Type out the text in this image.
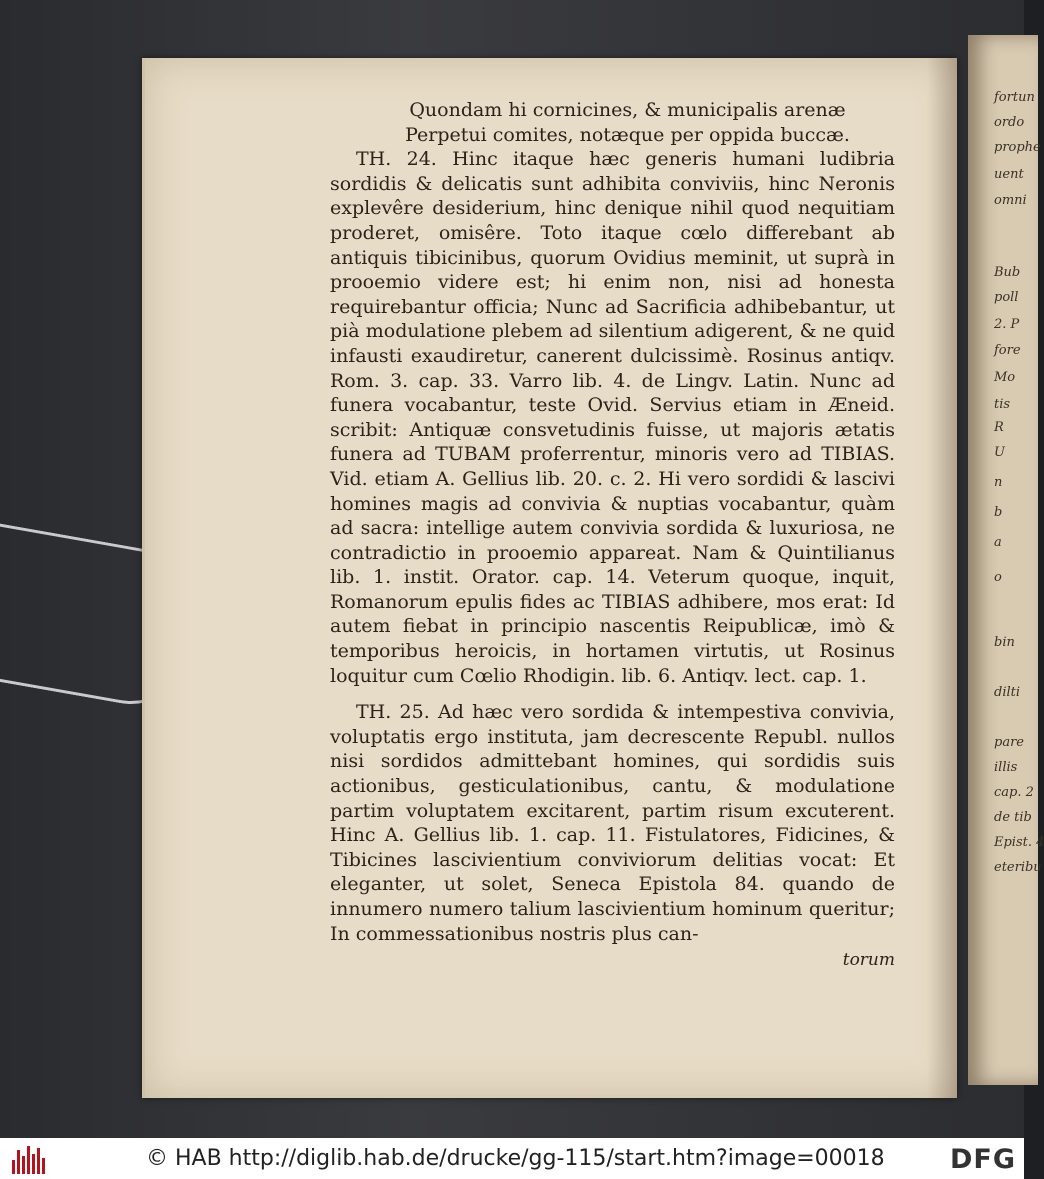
fortun
ordo
prophe
uent
omni
Bub
poll
2. P
fore
Mo
tis
R
U
n
b
a
o
bin
dilti
pare
illis
cap. 2
de tib
Epist. 4
eteribu
Quondam hi cornicines, & municipalis arenæ
Perpetui comites, notæque per oppida buccæ.

TH. 24. Hinc itaque hæc generis humani ludibria sordidis & delicatis sunt adhibita conviviis, hinc Neronis explevêre desiderium, hinc denique nihil quod nequitiam proderet, omisêre. Toto itaque cœlo differebant ab antiquis tibicinibus, quorum Ovidius meminit, ut suprà in prooemio videre est; hi enim non, nisi ad honesta requirebantur officia; Nunc ad Sacrificia adhibebantur, ut pià modulatione plebem ad silentium adigerent, & ne quid infausti exaudiretur, canerent dulcissimè. Rosinus antiqv. Rom. 3. cap. 33. Varro lib. 4. de Lingv. Latin. Nunc ad funera vocabantur, teste Ovid. Servius etiam in Æneid. scribit: Antiquæ consvetudinis fuisse, ut majoris ætatis funera ad TUBAM proferrentur, minoris vero ad TIBIAS. Vid. etiam A. Gellius lib. 20. c. 2. Hi vero sordidi & lascivi homines magis ad convivia & nuptias vocabantur, quàm ad sacra: intellige autem convivia sordida & luxuriosa, ne contradictio in prooemio appareat. Nam & Quintilianus lib. 1. instit. Orator. cap. 14. Veterum quoque, inquit, Romanorum epulis fides ac TIBIAS adhibere, mos erat: Id autem fiebat in principio nascentis Reipublicæ, imò & temporibus heroicis, in hortamen virtutis, ut Rosinus loquitur cum Cœlio Rhodigin. lib. 6. Antiqv. lect. cap. 1.

TH. 25. Ad hæc vero sordida & intempestiva convivia, voluptatis ergo instituta, jam decrescente Republ. nullos nisi sordidos admittebant homines, qui sordidis suis actionibus, gesticulationibus, cantu, & modulatione partim voluptatem excitarent, partim risum excuterent. Hinc A. Gellius lib. 1. cap. 11. Fistulatores, Fidicines, & Tibicines lascivientium conviviorum delitias vocat: Et eleganter, ut solet, Seneca Epistola 84. quando de innumero numero talium lascivientium hominum queritur; In commessationibus nostris plus can-

torum
© HAB http://diglib.hab.de/drucke/gg-115/start.htm?image=00018 DFG
